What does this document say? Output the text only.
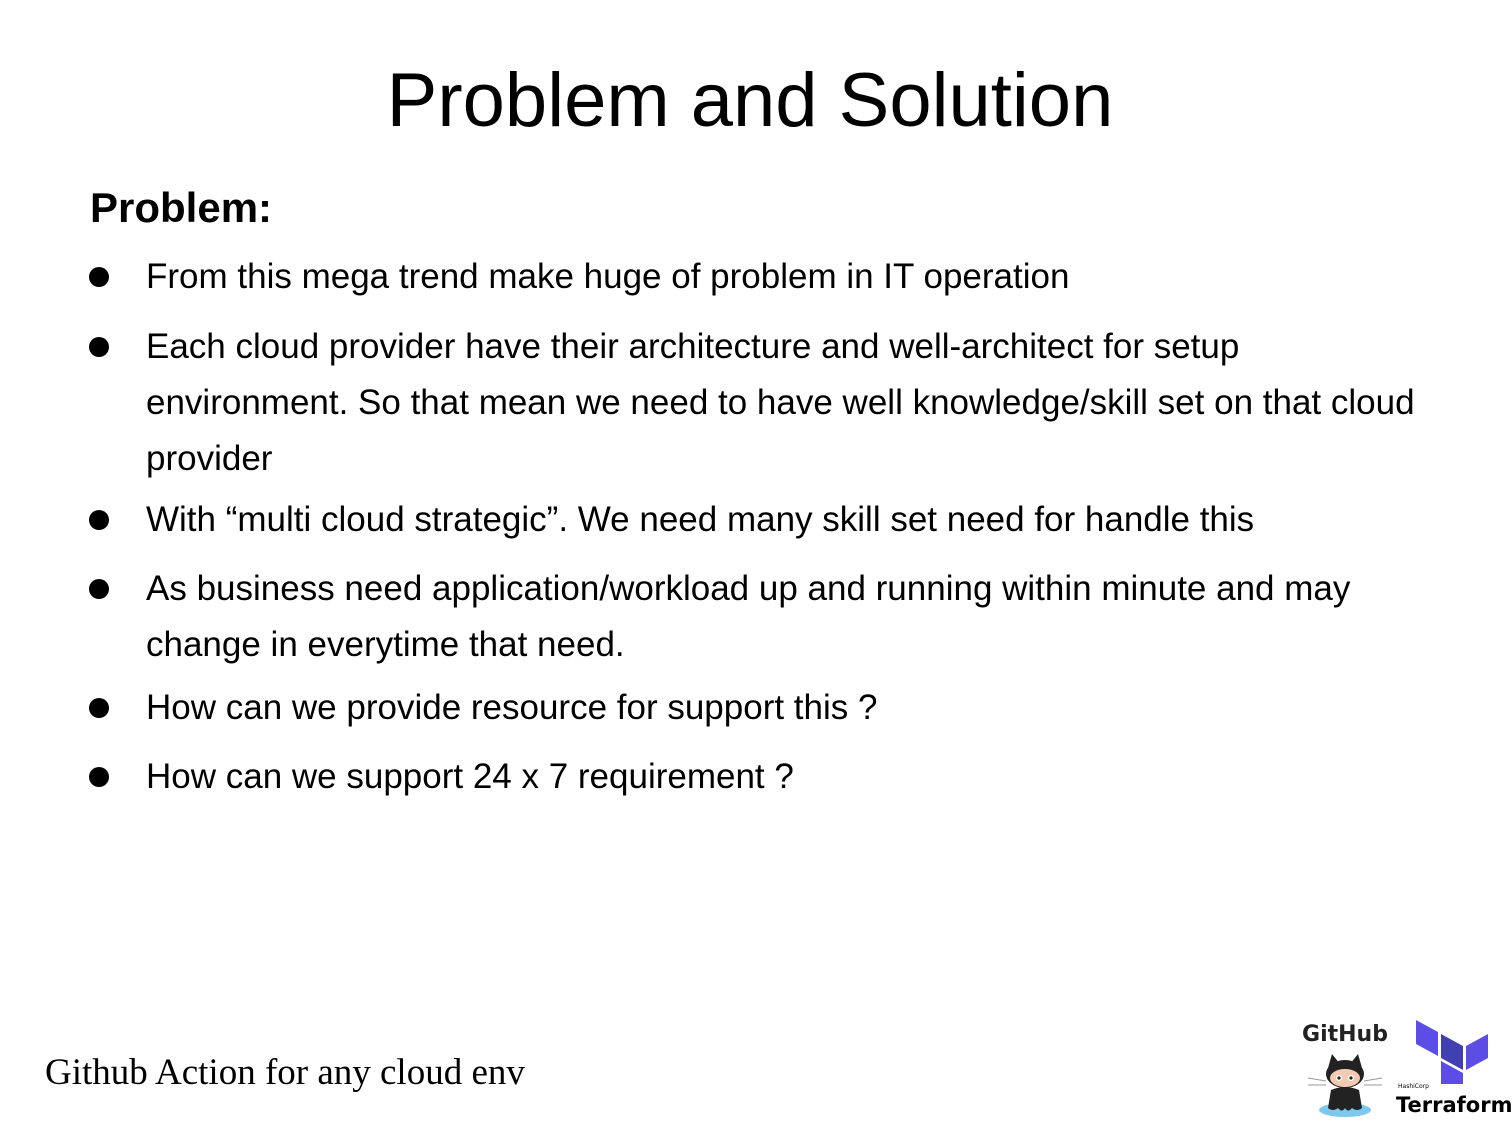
Problem and Solution
Problem:
From this mega trend make huge of problem in IT operation
Each cloud provider have their architecture and well-architect for setup environment. So that mean we need to have well knowledge/skill set on that cloud provider
With “multi cloud strategic”. We need many skill set need for handle this
As business need application/workload up and running within minute and may change in everytime that need.
How can we provide resource for support this ?
How can we support 24 x 7 requirement ?
Github Action for any cloud env
GitHub
HashiCorp
Terraform
